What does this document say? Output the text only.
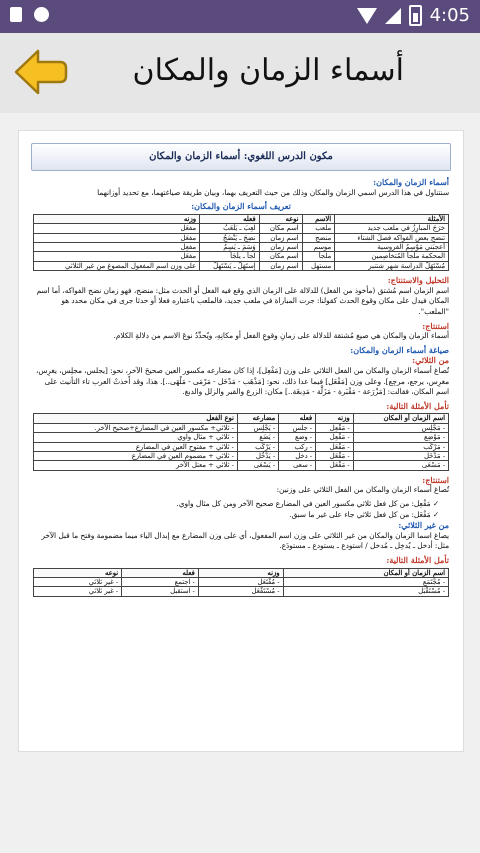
4:05
أسماء الزمان والمكان
مكون الدرس اللغوي: أسماء الزمان والمكان
أسماء الزمان والمكان:

سنتناول في هذا الدرس اسمي الزمان والمكان وذلك من حيث التعريف بهما، وبيان طريقة صياغتهما، مع تحديد أوزانهما

تعريف أسماء الزمان والمكان:
الأمثلة	الاسم	نوعه	فعله	وزنه
خرَجَ المبارِزُ في ملعب جديد	ملعب	اسم مكان	لعِبَ ـ يَلْعَبُ	مفعَل
تنضج بعض الفواكه فصلَ الشتاء	منضج	اسم زمان	نضِجَ ـ يَنْضَجُ	مفعَل
أعجبَني مَوْسِمُ الفروسية	موسم	اسم زمان	وَسَمَ ـ يَسِمُ	مفعِل
المحكمة ملْجأ المُتخاصِمين	ملجأ	اسم مكان	لجأ ـ يلْجَأُ	مفعَل
مُسْتَهَلُّ الدراسة شهر شتنبر	مستهل	اسم زمان	إستَهَلَّ ـ يَسْتَهِلُّ	على وزن اسم المفعول المصوغ من غير الثلاثي
التحليل والاستنتاج:

اسم الزمان اسم مُشتق (مأخوذ من الفعل) للدلالة على الزمان الذي وقع فيه الفعل أو الحدث مثل: منضج، فهو زمان نضج الفواكه، أما اسم المكان فيدل على مكان وقوع الحدث كقولنا: جرت المباراة في ملعب جديد، فالملعب باعتباره فعلا أو حدثا جرى في مكان محدد هو "الملعب".

استنتاج:

أسماء الزمان والمكان هي صيغ مُشتقة للدلالة على زمانِ وقوعِ الفعل أو مكانِهِ، ويُحدِّدُ نوعَ الاسم من دلالةِ الكلام.

صياغة أسماء الزمان والمكان:
من الثلاثي:

تُصاغ أسماء الزمان والمكان من الفعل الثلاثي على وزن [مَفْعِل]، إذا كان مضارعه مكسور العين صحيحَ الآخر، نحو: [يجلس، مجلِس، يغرِس، مغرِس، يرجع، مرجِع]. وعلى وزن [مَفْعَل] فيما عدا ذلك، نحو: [مَذْهَب - مَدْخَل - مَرْمَى - مَلْهَى..]. هذا، وقد أَخذتْ العرب تاء التأنيث على اسم المكان، فقالت: [مَزْرَعة - مَقْبَرة - مَزَلَّة - مَدِبغَة..] مكان: الزرع والقبر والزلل والدبغ.

تأمل الأمثلة التالية:
اسم الزمان أو المكان	وزنه	فعله	مضارعه	نوع الفعل
- مَجْلِس	- مَفْعِل	- جلس	- يَجْلِس	- ثلاثي+ مكسور العين في المضارع+صحيح الآخر.
- مَوْضِع	- مَفْعِل	- وضع	- يَضَع	- ثلاثي + مثال واوي
- مَرْكَب	- مَفْعَل	- ركب	- يَرْكَب	- ثلاثي + مفتوح العين في المضارع
- مَدْخَل	- مَفْعَل	- دخل	- يَدْخُل	- ثلاثي + مضموم العين في المضارع
- مَسْعَى	- مَفْعَل	- سعى	- يَسْعَى	- ثلاثي + معتل الآخر
استنتاج:

تُصاغ أسماء الزمان والمكان من الفعل الثلاثي على وزنين:

✓ مَفْعِل: من كل فعل ثلاثي مكسور العين في المضارع صحيح الآخر ومن كل مثال واوي.
✓ مَفْعَل: من كل فعل ثلاثي جاء على غير ما سبق.
من غير الثلاثي:

يصاغ اسما الزمان والمكان من غير الثلاثي على وزن اسم المفعول، أي على وزن المضارع مع إبدال الياء ميما مضمومة وفتح ما قبل الآخر مثل: أدخل ـ يُدخِل ـ مُدخل / استودع ـ يستودع ـ مستودَع.

تأمل الأمثلة التالية:
اسم الزمان أو المكان	وزنه	فعله	نوعه
- مُجْتَمَع	- مُفْتَعَل	- اجتمع	- غير ثلاثي
- مُسْتَقْبَل	- مُسْتَفْعَل	- استقبل	- غير ثلاثي
